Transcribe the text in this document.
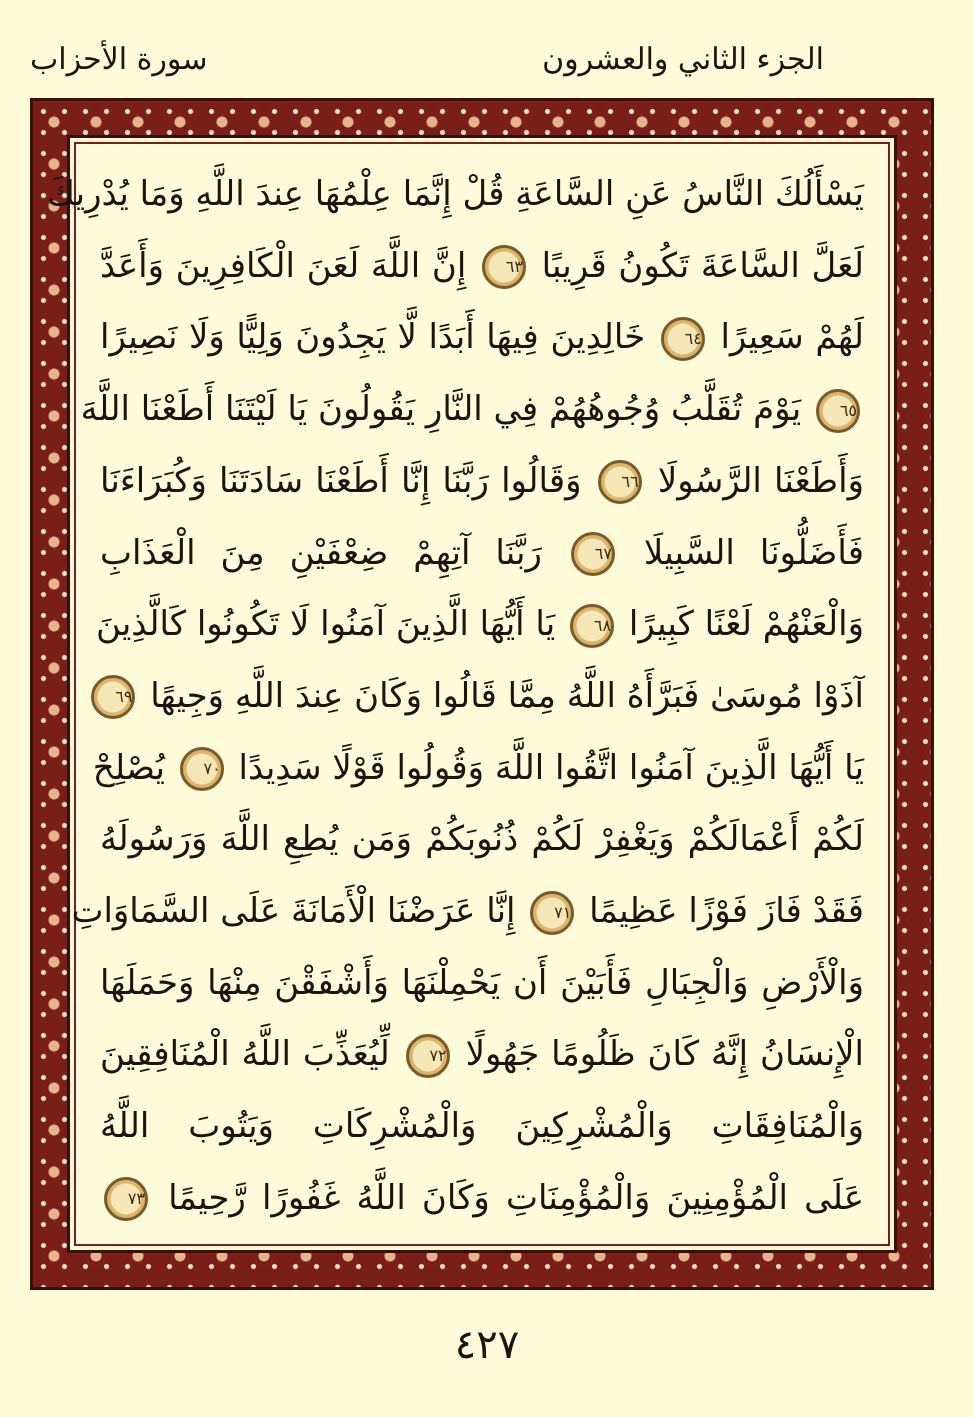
الجزء الثاني والعشرون
سورة الأحزاب
يَسْأَلُكَ النَّاسُ عَنِ السَّاعَةِ قُلْ إِنَّمَا عِلْمُهَا عِندَ اللَّهِ وَمَا يُدْرِيكَ
لَعَلَّ السَّاعَةَ تَكُونُ قَرِيبًا ٦٣ إِنَّ اللَّهَ لَعَنَ الْكَافِرِينَ وَأَعَدَّ
لَهُمْ سَعِيرًا ٦٤ خَالِدِينَ فِيهَا أَبَدًا لَّا يَجِدُونَ وَلِيًّا وَلَا نَصِيرًا
٦٥ يَوْمَ تُقَلَّبُ وُجُوهُهُمْ فِي النَّارِ يَقُولُونَ يَا لَيْتَنَا أَطَعْنَا اللَّهَ
وَأَطَعْنَا الرَّسُولَا ٦٦ وَقَالُوا رَبَّنَا إِنَّا أَطَعْنَا سَادَتَنَا وَكُبَرَاءَنَا
فَأَضَلُّونَا السَّبِيلَا ٦٧ رَبَّنَا آتِهِمْ ضِعْفَيْنِ مِنَ الْعَذَابِ
وَالْعَنْهُمْ لَعْنًا كَبِيرًا ٦٨ يَا أَيُّهَا الَّذِينَ آمَنُوا لَا تَكُونُوا كَالَّذِينَ
آذَوْا مُوسَىٰ فَبَرَّأَهُ اللَّهُ مِمَّا قَالُوا وَكَانَ عِندَ اللَّهِ وَجِيهًا ٦٩
يَا أَيُّهَا الَّذِينَ آمَنُوا اتَّقُوا اللَّهَ وَقُولُوا قَوْلًا سَدِيدًا ٧٠ يُصْلِحْ
لَكُمْ أَعْمَالَكُمْ وَيَغْفِرْ لَكُمْ ذُنُوبَكُمْ وَمَن يُطِعِ اللَّهَ وَرَسُولَهُ
فَقَدْ فَازَ فَوْزًا عَظِيمًا ٧١ إِنَّا عَرَضْنَا الْأَمَانَةَ عَلَى السَّمَاوَاتِ
وَالْأَرْضِ وَالْجِبَالِ فَأَبَيْنَ أَن يَحْمِلْنَهَا وَأَشْفَقْنَ مِنْهَا وَحَمَلَهَا
الْإِنسَانُ إِنَّهُ كَانَ ظَلُومًا جَهُولًا ٧٢ لِّيُعَذِّبَ اللَّهُ الْمُنَافِقِينَ
وَالْمُنَافِقَاتِ وَالْمُشْرِكِينَ وَالْمُشْرِكَاتِ وَيَتُوبَ اللَّهُ
عَلَى الْمُؤْمِنِينَ وَالْمُؤْمِنَاتِ وَكَانَ اللَّهُ غَفُورًا رَّحِيمًا ٧٣
٤٢٧
